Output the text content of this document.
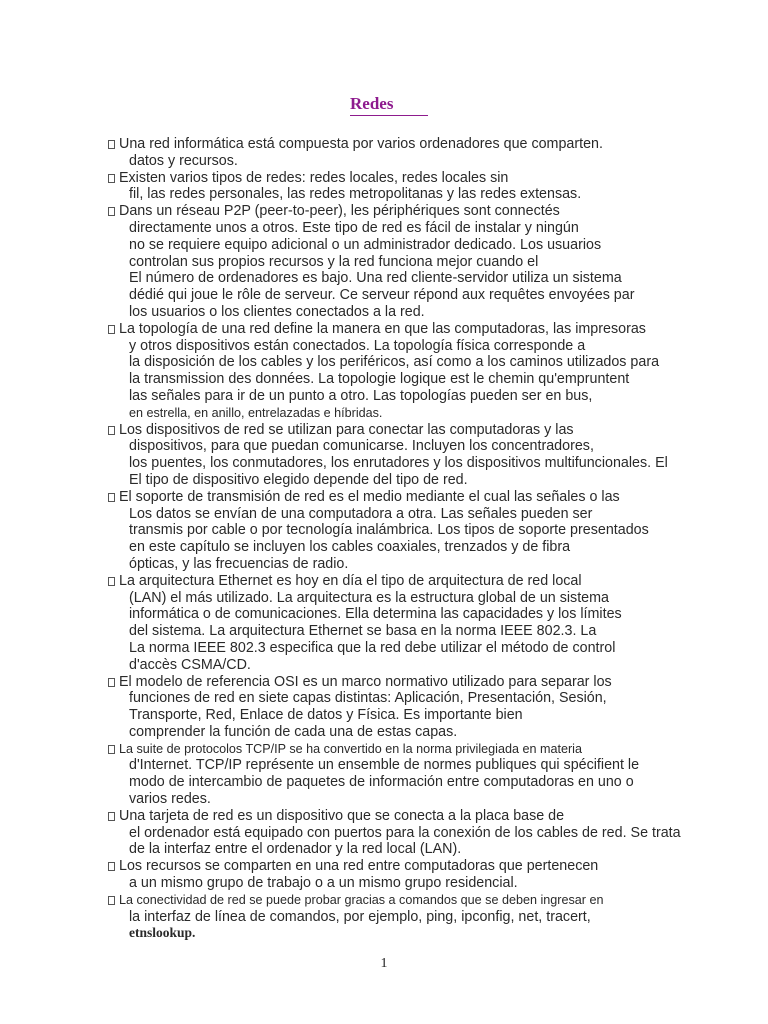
Redes
Una red informática está compuesta por varios ordenadores que comparten.
datos y recursos.
Existen varios tipos de redes: redes locales, redes locales sin
fil, las redes personales, las redes metropolitanas y las redes extensas.
Dans un réseau P2P (peer-to-peer), les périphériques sont connectés
directamente unos a otros. Este tipo de red es fácil de instalar y ningún
no se requiere equipo adicional o un administrador dedicado. Los usuarios
controlan sus propios recursos y la red funciona mejor cuando el
El número de ordenadores es bajo. Una red cliente-servidor utiliza un sistema
dédié qui joue le rôle de serveur. Ce serveur répond aux requêtes envoyées par
los usuarios o los clientes conectados a la red.
La topología de una red define la manera en que las computadoras, las impresoras
y otros dispositivos están conectados. La topología física corresponde a
la disposición de los cables y los periféricos, así como a los caminos utilizados para
la transmission des données. La topologie logique est le chemin qu'empruntent
las señales para ir de un punto a otro. Las topologías pueden ser en bus,
en estrella, en anillo, entrelazadas e híbridas.
Los dispositivos de red se utilizan para conectar las computadoras y las
dispositivos, para que puedan comunicarse. Incluyen los concentradores,
los puentes, los conmutadores, los enrutadores y los dispositivos multifuncionales. El
El tipo de dispositivo elegido depende del tipo de red.
El soporte de transmisión de red es el medio mediante el cual las señales o las
Los datos se envían de una computadora a otra. Las señales pueden ser
transmis por cable o por tecnología inalámbrica. Los tipos de soporte presentados
en este capítulo se incluyen los cables coaxiales, trenzados y de fibra
ópticas, y las frecuencias de radio.
La arquitectura Ethernet es hoy en día el tipo de arquitectura de red local
(LAN) el más utilizado. La arquitectura es la estructura global de un sistema
informática o de comunicaciones. Ella determina las capacidades y los límites
del sistema. La arquitectura Ethernet se basa en la norma IEEE 802.3. La
La norma IEEE 802.3 especifica que la red debe utilizar el método de control
d'accès CSMA/CD.
El modelo de referencia OSI es un marco normativo utilizado para separar los
funciones de red en siete capas distintas: Aplicación, Presentación, Sesión,
Transporte, Red, Enlace de datos y Física. Es importante bien
comprender la función de cada una de estas capas.
La suite de protocolos TCP/IP se ha convertido en la norma privilegiada en materia
d'Internet. TCP/IP représente un ensemble de normes publiques qui spécifient le
modo de intercambio de paquetes de información entre computadoras en uno o
varios redes.
Una tarjeta de red es un dispositivo que se conecta a la placa base de
el ordenador está equipado con puertos para la conexión de los cables de red. Se trata
de la interfaz entre el ordenador y la red local (LAN).
Los recursos se comparten en una red entre computadoras que pertenecen
a un mismo grupo de trabajo o a un mismo grupo residencial.
La conectividad de red se puede probar gracias a comandos que se deben ingresar en
la interfaz de línea de comandos, por ejemplo, ping, ipconfig, net, tracert,
etnslookup.
1
